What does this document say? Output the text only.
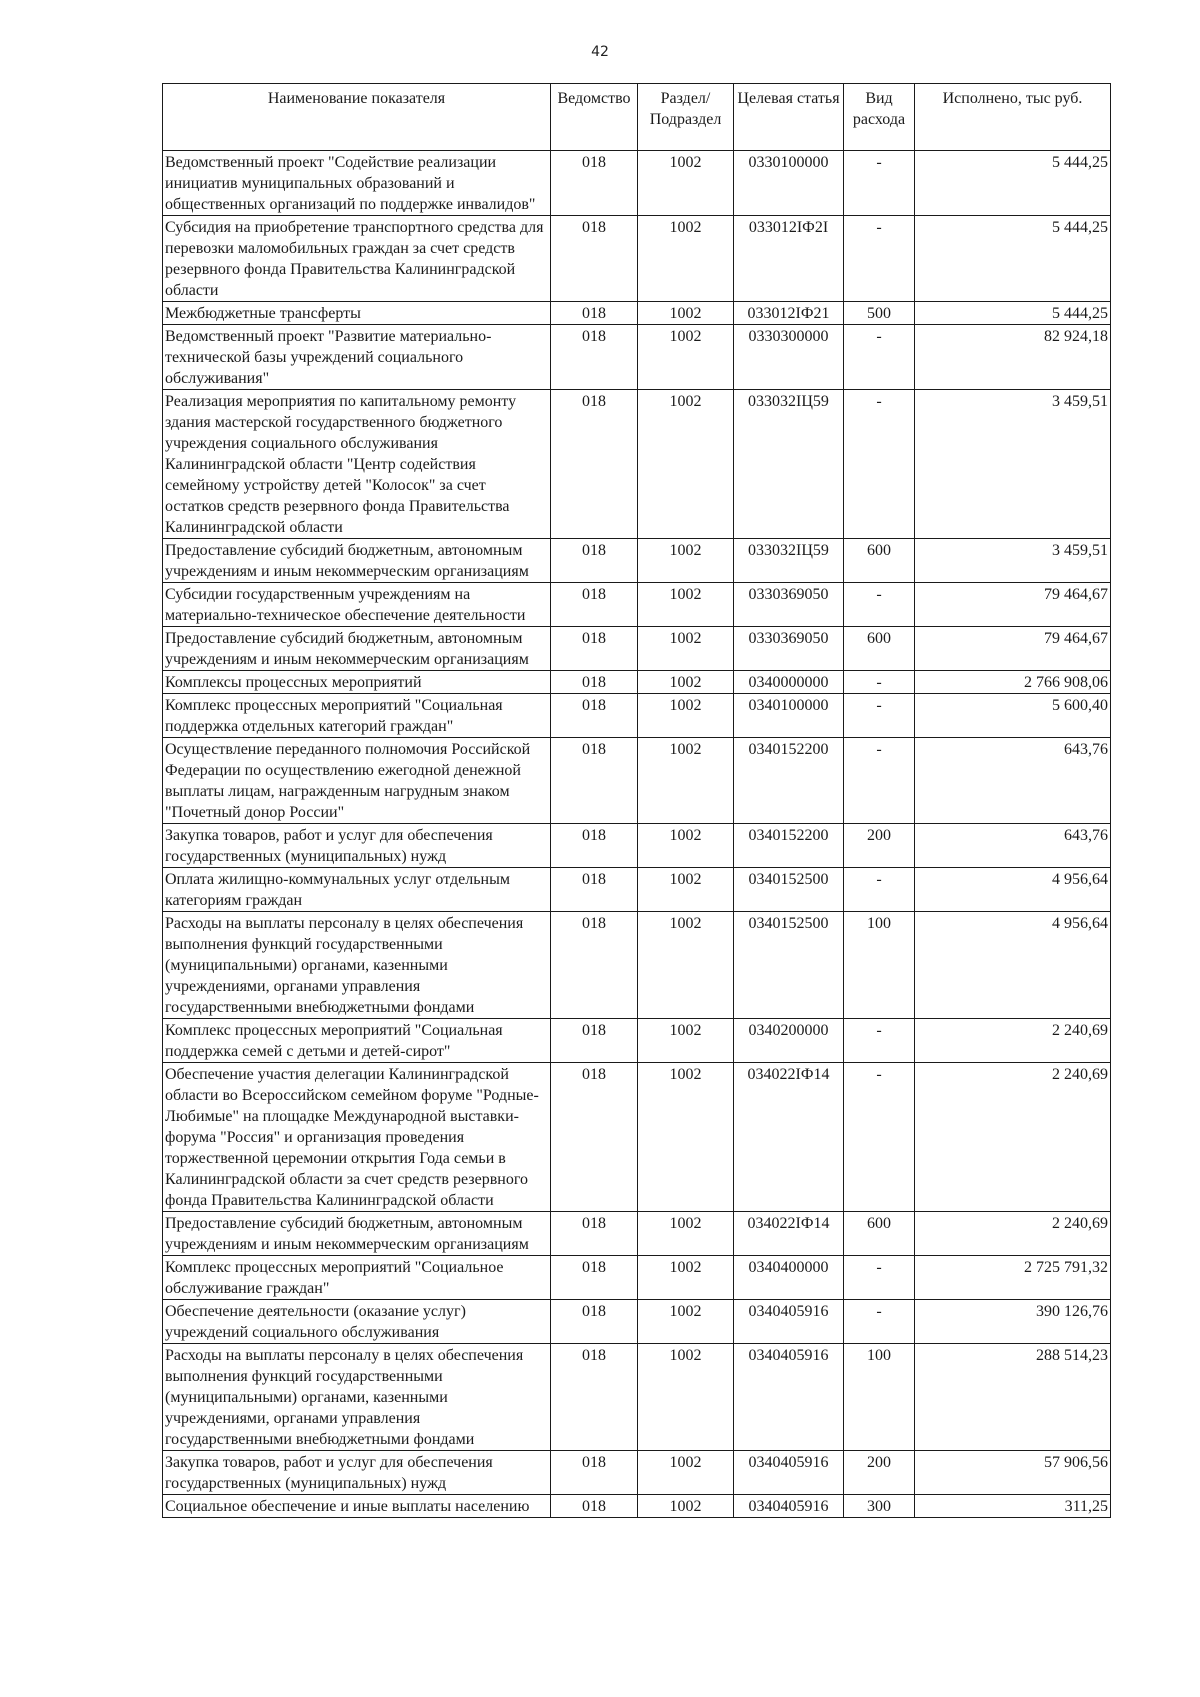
42
Наименование показателя	Ведомство	Раздел/ Подраздел	Целевая статья	Вид расхода	Исполнено, тыс руб.
Ведомственный проект "Содействие реализации инициатив муниципальных образований и общественных организаций по поддержке инвалидов"	018	1002	0330100000	-	5 444,25
Субсидия на приобретение транспортного средства для перевозки маломобильных граждан за счет средств резервного фонда Правительства Калининградской области	018	1002	033012ІФ2І	-	5 444,25
Межбюджетные трансферты	018	1002	033012ІФ21	500	5 444,25
Ведомственный проект "Развитие материально-технической базы учреждений социального обслуживания"	018	1002	0330300000	-	82 924,18
Реализация мероприятия по капитальному ремонту здания мастерской государственного бюджетного учреждения социального обслуживания Калининградской области "Центр содействия семейному устройству детей "Колосок" за счет остатков средств резервного фонда Правительства Калининградской области	018	1002	033032ІЦ59	-	3 459,51
Предоставление субсидий бюджетным, автономным учреждениям и иным некоммерческим организациям	018	1002	033032ІЦ59	600	3 459,51
Субсидии государственным учреждениям на материально-техническое обеспечение деятельности	018	1002	0330369050	-	79 464,67
Предоставление субсидий бюджетным, автономным учреждениям и иным некоммерческим организациям	018	1002	0330369050	600	79 464,67
Комплексы процессных мероприятий	018	1002	0340000000	-	2 766 908,06
Комплекс процессных мероприятий "Социальная поддержка отдельных категорий граждан"	018	1002	0340100000	-	5 600,40
Осуществление переданного полномочия Российской Федерации по осуществлению ежегодной денежной выплаты лицам, награжденным нагрудным знаком "Почетный донор России"	018	1002	0340152200	-	643,76
Закупка товаров, работ и услуг для обеспечения государственных (муниципальных) нужд	018	1002	0340152200	200	643,76
Оплата жилищно-коммунальных услуг отдельным категориям граждан	018	1002	0340152500	-	4 956,64
Расходы на выплаты персоналу в целях обеспечения выполнения функций государственными (муниципальными) органами, казенными учреждениями, органами управления государственными внебюджетными фондами	018	1002	0340152500	100	4 956,64
Комплекс процессных мероприятий "Социальная поддержка семей с детьми и детей-сирот"	018	1002	0340200000	-	2 240,69
Обеспечение участия делегации Калининградской области во Всероссийском семейном форуме "Родные-Любимые" на площадке Международной выставки-форума "Россия" и организация проведения торжественной церемонии открытия Года семьи в Калининградской области за счет средств резервного фонда Правительства Калининградской области	018	1002	034022ІФ14	-	2 240,69
Предоставление субсидий бюджетным, автономным учреждениям и иным некоммерческим организациям	018	1002	034022ІФ14	600	2 240,69
Комплекс процессных мероприятий "Социальное обслуживание граждан"	018	1002	0340400000	-	2 725 791,32
Обеспечение деятельности (оказание услуг) учреждений социального обслуживания	018	1002	0340405916	-	390 126,76
Расходы на выплаты персоналу в целях обеспечения выполнения функций государственными (муниципальными) органами, казенными учреждениями, органами управления государственными внебюджетными фондами	018	1002	0340405916	100	288 514,23
Закупка товаров, работ и услуг для обеспечения государственных (муниципальных) нужд	018	1002	0340405916	200	57 906,56
Социальное обеспечение и иные выплаты населению	018	1002	0340405916	300	311,25
